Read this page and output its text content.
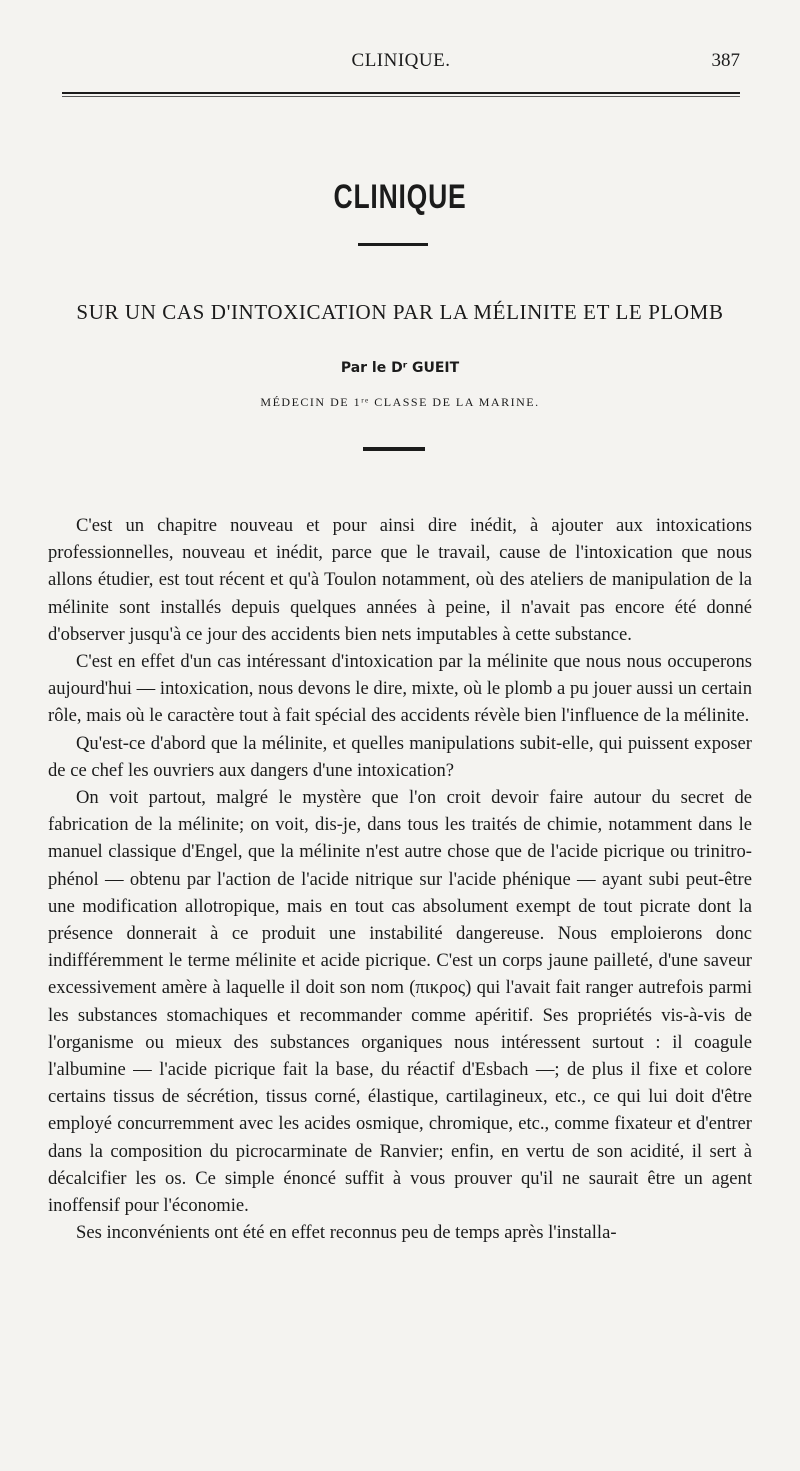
CLINIQUE.	387
CLINIQUE
SUR UN CAS D'INTOXICATION PAR LA MÉLINITE ET LE PLOMB
Par le Dʳ GUEIT
MÉDECIN DE 1ʳᵉ CLASSE DE LA MARINE.

C'est un chapitre nouveau et pour ainsi dire inédit, à ajouter aux intoxications professionnelles, nouveau et inédit, parce que le travail, cause de l'intoxication que nous allons étudier, est tout récent et qu'à Toulon notamment, où des ateliers de manipulation de la mélinite sont installés depuis quelques années à peine, il n'avait pas encore été donné d'observer jusqu'à ce jour des accidents bien nets imputables à cette substance.

C'est en effet d'un cas intéressant d'intoxication par la mélinite que nous nous occuperons aujourd'hui — intoxication, nous devons le dire, mixte, où le plomb a pu jouer aussi un certain rôle, mais où le caractère tout à fait spécial des accidents révèle bien l'influence de la mélinite.

Qu'est-ce d'abord que la mélinite, et quelles manipulations subit-elle, qui puissent exposer de ce chef les ouvriers aux dangers d'une intoxication?

On voit partout, malgré le mystère que l'on croit devoir faire autour du secret de fabrication de la mélinite; on voit, dis-je, dans tous les traités de chimie, notamment dans le manuel classique d'Engel, que la mélinite n'est autre chose que de l'acide picrique ou trinitro-phénol — obtenu par l'action de l'acide nitrique sur l'acide phénique — ayant subi peut-être une modification allotropique, mais en tout cas absolument exempt de tout picrate dont la présence donnerait à ce produit une instabilité dangereuse. Nous emploierons donc indifféremment le terme mélinite et acide picrique. C'est un corps jaune pailleté, d'une saveur excessivement amère à laquelle il doit son nom (πικρος) qui l'avait fait ranger autrefois parmi les substances stomachiques et recommander comme apéritif. Ses propriétés vis-à-vis de l'organisme ou mieux des substances organiques nous intéressent surtout : il coagule l'albumine — l'acide picrique fait la base, du réactif d'Esbach —; de plus il fixe et colore certains tissus de sécrétion, tissus corné, élastique, cartilagineux, etc., ce qui lui doit d'être employé concurremment avec les acides osmique, chromique, etc., comme fixateur et d'entrer dans la composition du picrocarminate de Ranvier; enfin, en vertu de son acidité, il sert à décalcifier les os. Ce simple énoncé suffit à vous prouver qu'il ne saurait être un agent inoffensif pour l'économie.

Ses inconvénients ont été en effet reconnus peu de temps après l'installa-
